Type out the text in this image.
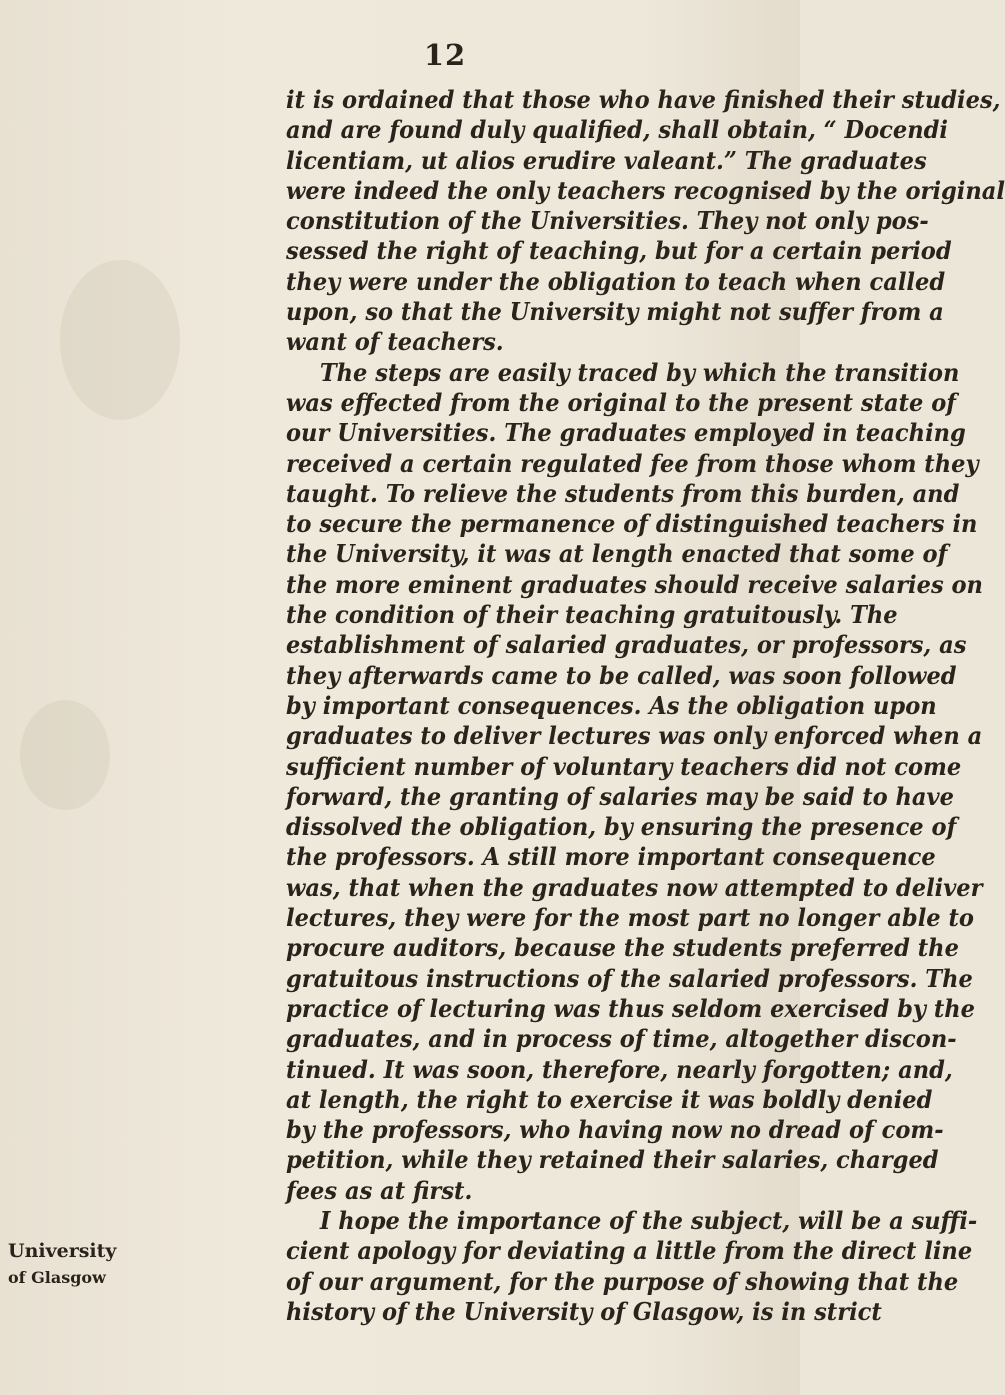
12
it is ordained that those who have finished their studies,
and are found duly qualified, shall obtain, “ Docendi
licentiam, ut alios erudire valeant.” The graduates
were indeed the only teachers recognised by the original
constitution of the Universities. They not only pos-
sessed the right of teaching, but for a certain period
they were under the obligation to teach when called
upon, so that the University might not suffer from a
want of teachers.
The steps are easily traced by which the transition
was effected from the original to the present state of
our Universities. The graduates employed in teaching
received a certain regulated fee from those whom they
taught. To relieve the students from this burden, and
to secure the permanence of distinguished teachers in
the University, it was at length enacted that some of
the more eminent graduates should receive salaries on
the condition of their teaching gratuitously. The
establishment of salaried graduates, or professors, as
they afterwards came to be called, was soon followed
by important consequences. As the obligation upon
graduates to deliver lectures was only enforced when a
sufficient number of voluntary teachers did not come
forward, the granting of salaries may be said to have
dissolved the obligation, by ensuring the presence of
the professors. A still more important consequence
was, that when the graduates now attempted to deliver
lectures, they were for the most part no longer able to
procure auditors, because the students preferred the
gratuitous instructions of the salaried professors. The
practice of lecturing was thus seldom exercised by the
graduates, and in process of time, altogether discon-
tinued. It was soon, therefore, nearly forgotten; and,
at length, the right to exercise it was boldly denied
by the professors, who having now no dread of com-
petition, while they retained their salaries, charged
fees as at first.
I hope the importance of the subject, will be a suffi-
cient apology for deviating a little from the direct line
of our argument, for the purpose of showing that the
history of the University of Glasgow, is in strict
University
of Glasgow
